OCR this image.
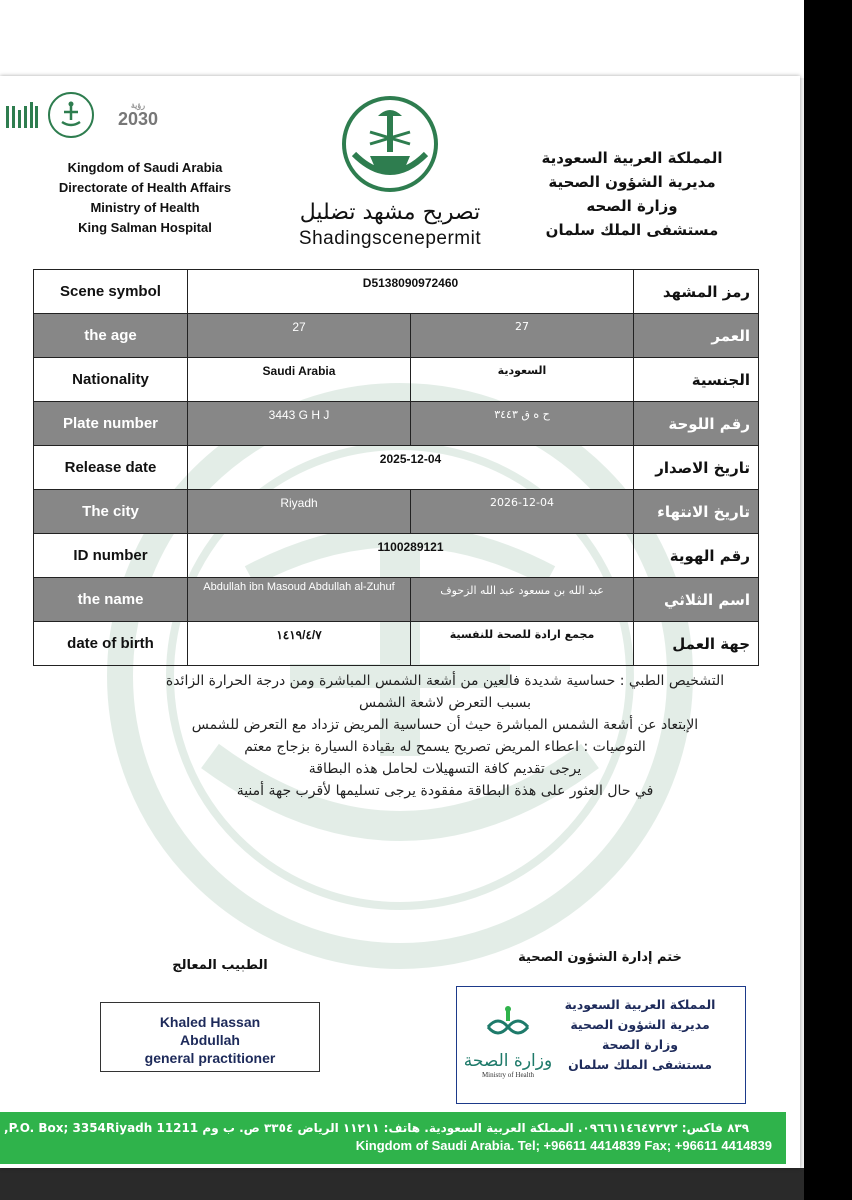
رؤية
2030
Kingdom of Saudi Arabia
Directorate of Health Affairs
Ministry of Health
King Salman Hospital
تصريح مشهد تضليل
Shadingscenepermit
المملكة العربية السعودية
مديرية الشؤون الصحية
وزارة الصحه
مستشفى الملك سلمان
Scene symbol	D5138090972460		رمز المشهد
the age	27	27	العمر
Nationality	Saudi Arabia	السعودية	الجنسية
Plate number	3443 G H J	ح ه ق ٣٤٤٣	رقم اللوحة
Release date	2025-12-04		تاريخ الاصدار
The city	Riyadh	2026-12-04	تاريخ الانتهاء
ID number	1100289121		رقم الهوية
the name	Abdullah ibn Masoud Abdullah al-Zuhuf	عبد الله بن مسعود عبد الله الزحوف	اسم الثلاثي
date of birth	١٤١٩/٤/٧	مجمع ارادة للصحة للنفسية	جهة العمل
التشخيص الطبي : حساسية شديدة فالعين من أشعة الشمس المباشرة ومن درجة الحرارة الزائدة
بسبب التعرض لاشعة الشمس
الإبتعاد عن أشعة الشمس المباشرة حيث أن حساسية المريض تزداد مع التعرض للشمس
التوصيات : اعطاء المريض تصريح يسمح له بقيادة السيارة بزجاج معتم
يرجى تقديم كافة التسهيلات لحامل هذه البطاقة
في حال العثور على هذة البطاقة مفقودة يرجى تسليمها لأقرب جهة أمنية
الطبيب المعالج
Khaled Hassan
Abdullah
general practitioner
ختم إدارة الشؤون الصحية
المملكة العربية السعودية
مديرية الشؤون الصحية
وزارة الصحة
مستشفى الملك سلمان
وزارة الصحة
Ministry of Health
٨٣٩ فاكس: ٠٩٦٦١١٤٦٤٧٢٧٢. المملكة العربية السعودية. هاتف: ١١٢١١ الرياض ٣٣٥٤ ص. ب وم P.O. Box; 3354Riyadh 11211,
Kingdom of Saudi Arabia. Tel; +96611 4414839 Fax; +96611 4414839
